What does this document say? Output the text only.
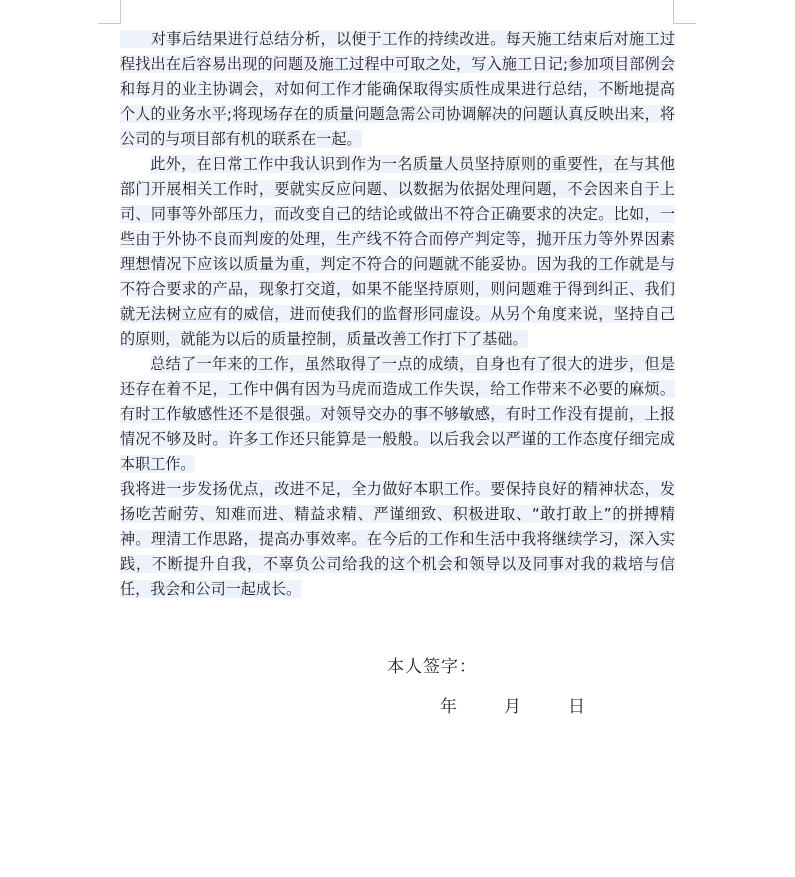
　　对事后结果进行总结分析，以便于工作的持续改进。每天施工结束后对施工过程找出在后容易出现的问题及施工过程中可取之处，写入施工日记;参加项目部例会和每月的业主协调会，对如何工作才能确保取得实质性成果进行总结，不断地提高个人的业务水平;将现场存在的质量问题急需公司协调解决的问题认真反映出来，将公司的与项目部有机的联系在一起。

此外，在日常工作中我认识到作为一名质量人员坚持原则的重要性，在与其他部门开展相关工作时，要就实反应问题、以数据为依据处理问题，不会因来自于上司、同事等外部压力，而改变自己的结论或做出不符合正确要求的决定。比如，一些由于外协不良而判废的处理，生产线不符合而停产判定等，抛开压力等外界因素理想情况下应该以质量为重，判定不符合的问题就不能妥协。因为我的工作就是与不符合要求的产品，现象打交道，如果不能坚持原则，则问题难于得到纠正、我们就无法树立应有的威信，进而使我们的监督形同虚设。从另个角度来说，坚持自己的原则，就能为以后的质量控制，质量改善工作打下了基础。

总结了一年来的工作，虽然取得了一点的成绩，自身也有了很大的进步，但是还存在着不足，工作中偶有因为马虎而造成工作失误，给工作带来不必要的麻烦。有时工作敏感性还不是很强。对领导交办的事不够敏感，有时工作没有提前，上报情况不够及时。许多工作还只能算是一般般。以后我会以严谨的工作态度仔细完成本职工作。

我将进一步发扬优点，改进不足，全力做好本职工作。要保持良好的精神状态，发扬吃苦耐劳、知难而进、精益求精、严谨细致、积极进取、“敢打敢上”的拼搏精神。理清工作思路，提高办事效率。在今后的工作和生活中我将继续学习，深入实践，不断提升自我，不辜负公司给我的这个机会和领导以及同事对我的栽培与信任，我会和公司一起成长。

本人签字：
年	月	日
